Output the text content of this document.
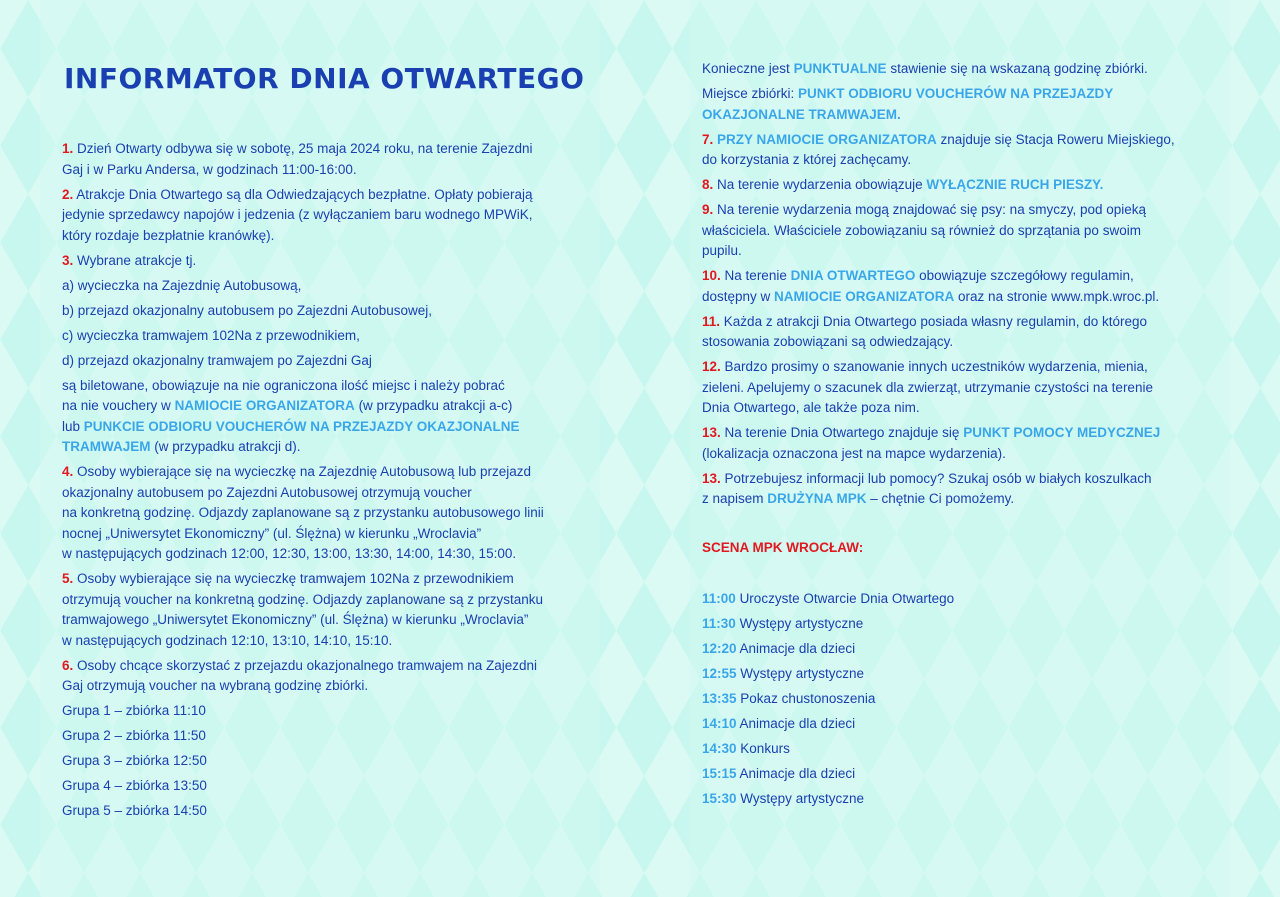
INFORMATOR DNIA OTWARTEGO
1. Dzień Otwarty odbywa się w sobotę, 25 maja 2024 roku, na terenie Zajezdni
Gaj i w Parku Andersa, w godzinach 11:00-16:00.
2. Atrakcje Dnia Otwartego są dla Odwiedzających bezpłatne. Opłaty pobierają
jedynie sprzedawcy napojów i jedzenia (z wyłączaniem baru wodnego MPWiK,
który rozdaje bezpłatnie kranówkę).
3. Wybrane atrakcje tj.
a) wycieczka na Zajezdnię Autobusową,
b) przejazd okazjonalny autobusem po Zajezdni Autobusowej,
c) wycieczka tramwajem 102Na z przewodnikiem,
d) przejazd okazjonalny tramwajem po Zajezdni Gaj
są biletowane, obowiązuje na nie ograniczona ilość miejsc i należy pobrać
na nie vouchery w NAMIOCIE ORGANIZATORA (w przypadku atrakcji a-c)
lub PUNKCIE ODBIORU VOUCHERÓW NA PRZEJAZDY OKAZJONALNE
TRAMWAJEM (w przypadku atrakcji d).
4. Osoby wybierające się na wycieczkę na Zajezdnię Autobusową lub przejazd
okazjonalny autobusem po Zajezdni Autobusowej otrzymują voucher
na konkretną godzinę. Odjazdy zaplanowane są z przystanku autobusowego linii
nocnej „Uniwersytet Ekonomiczny” (ul. Ślężna) w kierunku „Wroclavia”
w następujących godzinach 12:00, 12:30, 13:00, 13:30, 14:00, 14:30, 15:00.
5. Osoby wybierające się na wycieczkę tramwajem 102Na z przewodnikiem
otrzymują voucher na konkretną godzinę. Odjazdy zaplanowane są z przystanku
tramwajowego „Uniwersytet Ekonomiczny” (ul. Ślężna) w kierunku „Wroclavia”
w następujących godzinach 12:10, 13:10, 14:10, 15:10.
6. Osoby chcące skorzystać z przejazdu okazjonalnego tramwajem na Zajezdni
Gaj otrzymują voucher na wybraną godzinę zbiórki.
Grupa 1 – zbiórka 11:10
Grupa 2 – zbiórka 11:50
Grupa 3 – zbiórka 12:50
Grupa 4 – zbiórka 13:50
Grupa 5 – zbiórka 14:50
Konieczne jest PUNKTUALNE stawienie się na wskazaną godzinę zbiórki.
Miejsce zbiórki: PUNKT ODBIORU VOUCHERÓW NA PRZEJAZDY
OKAZJONALNE TRAMWAJEM.
7. PRZY NAMIOCIE ORGANIZATORA znajduje się Stacja Roweru Miejskiego,
do korzystania z której zachęcamy.
8. Na terenie wydarzenia obowiązuje WYŁĄCZNIE RUCH PIESZY.
9. Na terenie wydarzenia mogą znajdować się psy: na smyczy, pod opieką
właściciela. Właściciele zobowiązaniu są również do sprzątania po swoim
pupilu.
10. Na terenie DNIA OTWARTEGO obowiązuje szczegółowy regulamin,
dostępny w NAMIOCIE ORGANIZATORA oraz na stronie www.mpk.wroc.pl.
11. Każda z atrakcji Dnia Otwartego posiada własny regulamin, do którego
stosowania zobowiązani są odwiedzający.
12. Bardzo prosimy o szanowanie innych uczestników wydarzenia, mienia,
zieleni. Apelujemy o szacunek dla zwierząt, utrzymanie czystości na terenie
Dnia Otwartego, ale także poza nim.
13. Na terenie Dnia Otwartego znajduje się PUNKT POMOCY MEDYCZNEJ
(lokalizacja oznaczona jest na mapce wydarzenia).
13. Potrzebujesz informacji lub pomocy? Szukaj osób w białych koszulkach
z napisem DRUŻYNA MPK – chętnie Ci pomożemy.
SCENA MPK WROCŁAW:
11:00 Uroczyste Otwarcie Dnia Otwartego
11:30 Występy artystyczne
12:20 Animacje dla dzieci
12:55 Występy artystyczne
13:35 Pokaz chustonoszenia
14:10 Animacje dla dzieci
14:30 Konkurs
15:15 Animacje dla dzieci
15:30 Występy artystyczne
